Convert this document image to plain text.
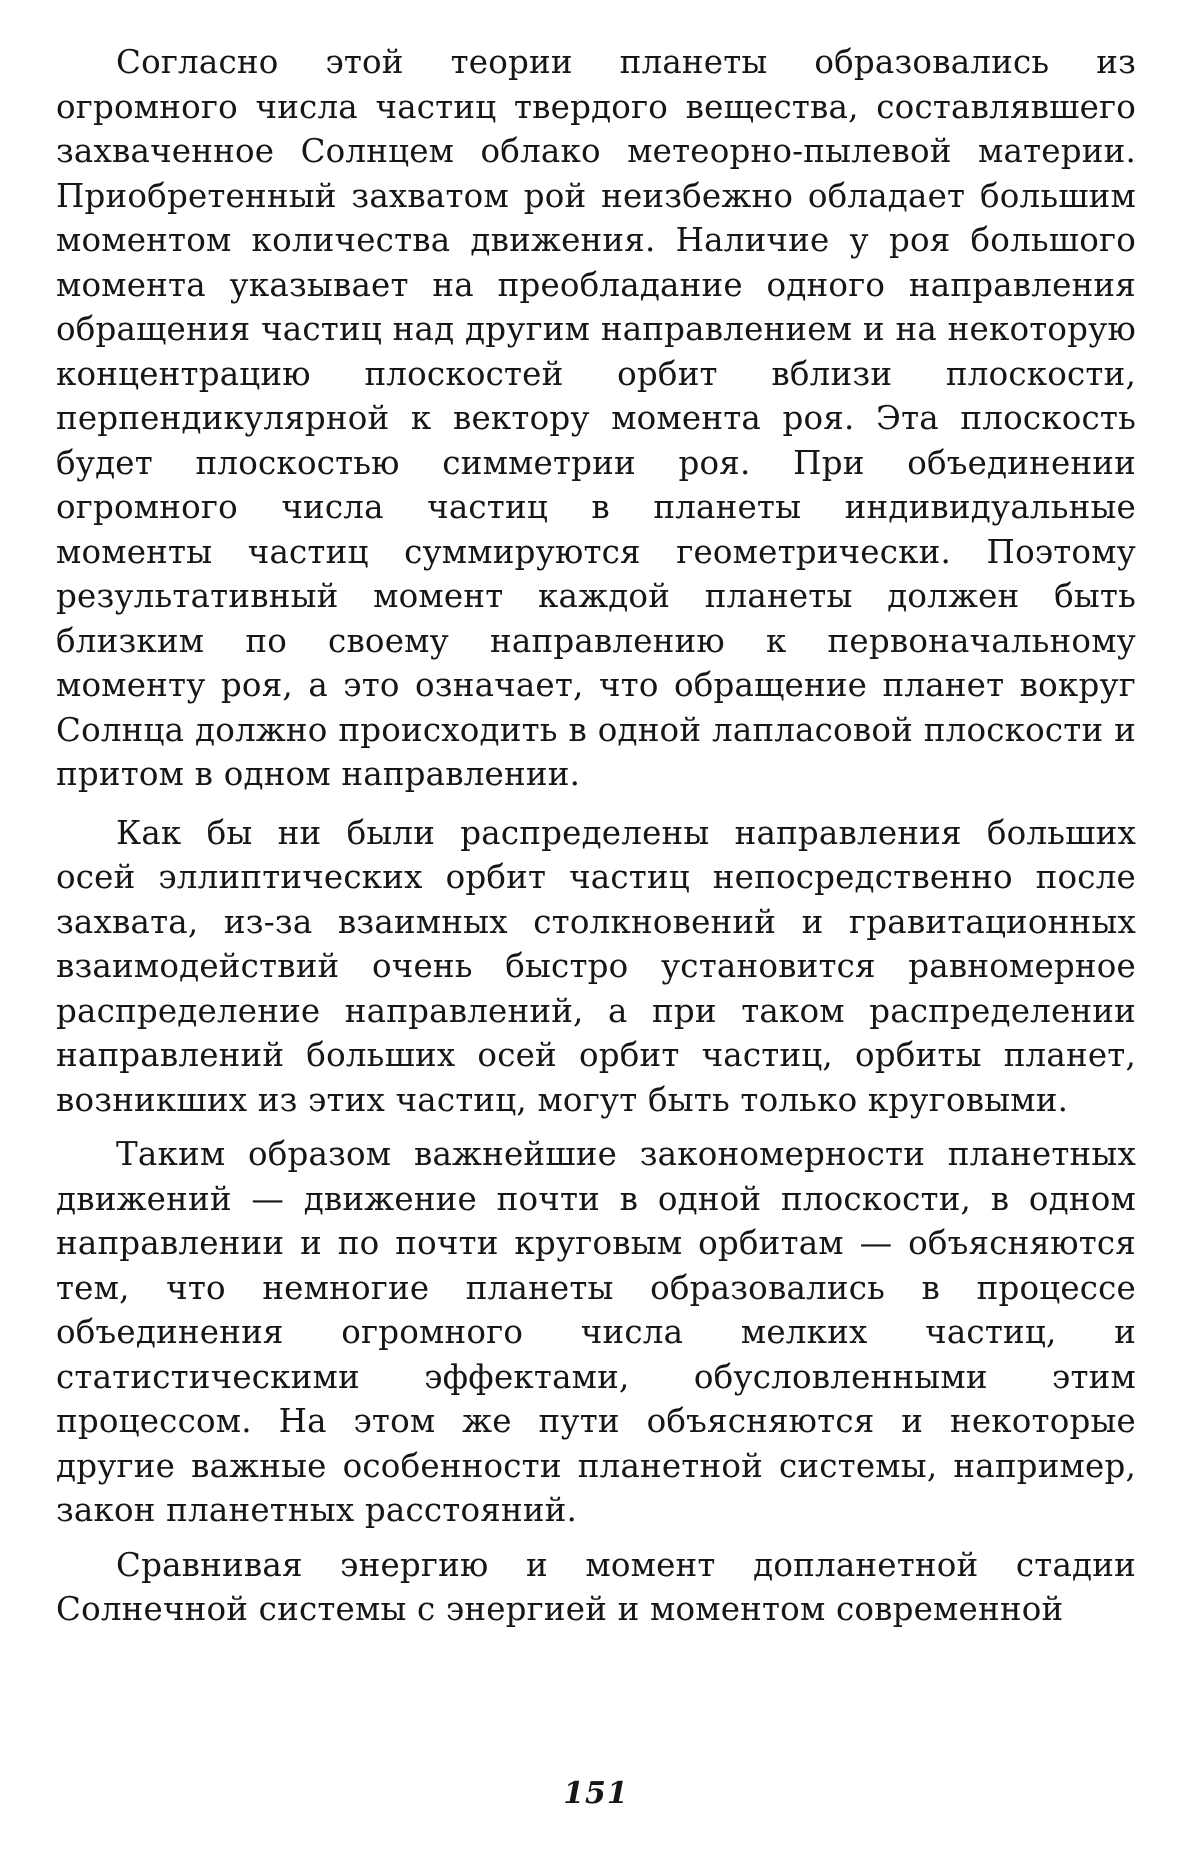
Согласно этой теории планеты образовались из огромного числа частиц твердого вещества, составлявшего захваченное Солнцем облако метеорно-пылевой материи. Приобретенный захватом рой неизбежно обладает большим моментом количества движения. Наличие у роя большого момента указывает на преобладание одного направления обращения частиц над другим направлением и на некоторую концентрацию плоскостей орбит вблизи плоскости, перпендикулярной к вектору момента роя. Эта плоскость будет плоскостью симметрии роя. При объединении огромного числа частиц в планеты индивидуальные моменты частиц суммируются геометрически. Поэтому результативный момент каждой планеты должен быть близким по своему направлению к первоначальному моменту роя, а это означает, что обращение планет вокруг Солнца должно происходить в одной лапласовой плоскости и притом в одном направлении.

Как бы ни были распределены направления больших осей эллиптических орбит частиц непосредственно после захвата, из-за взаимных столкновений и гравитационных взаимодействий очень быстро установится равномерное распределение направлений, а при таком распределении направлений больших осей орбит частиц, орбиты планет, возникших из этих частиц, могут быть только круговыми.

Таким образом важнейшие закономерности планетных движений — движение почти в одной плоскости, в одном направлении и по почти круговым орбитам — объясняются тем, что немногие планеты образовались в процессе объединения огромного числа мелких частиц, и статистическими эффектами, обусловленными этим процессом. На этом же пути объясняются и некоторые другие важные особенности планетной системы, например, закон планетных расстояний.

Сравнивая энергию и момент допланетной стадии Солнечной системы с энергией и моментом современной

151
